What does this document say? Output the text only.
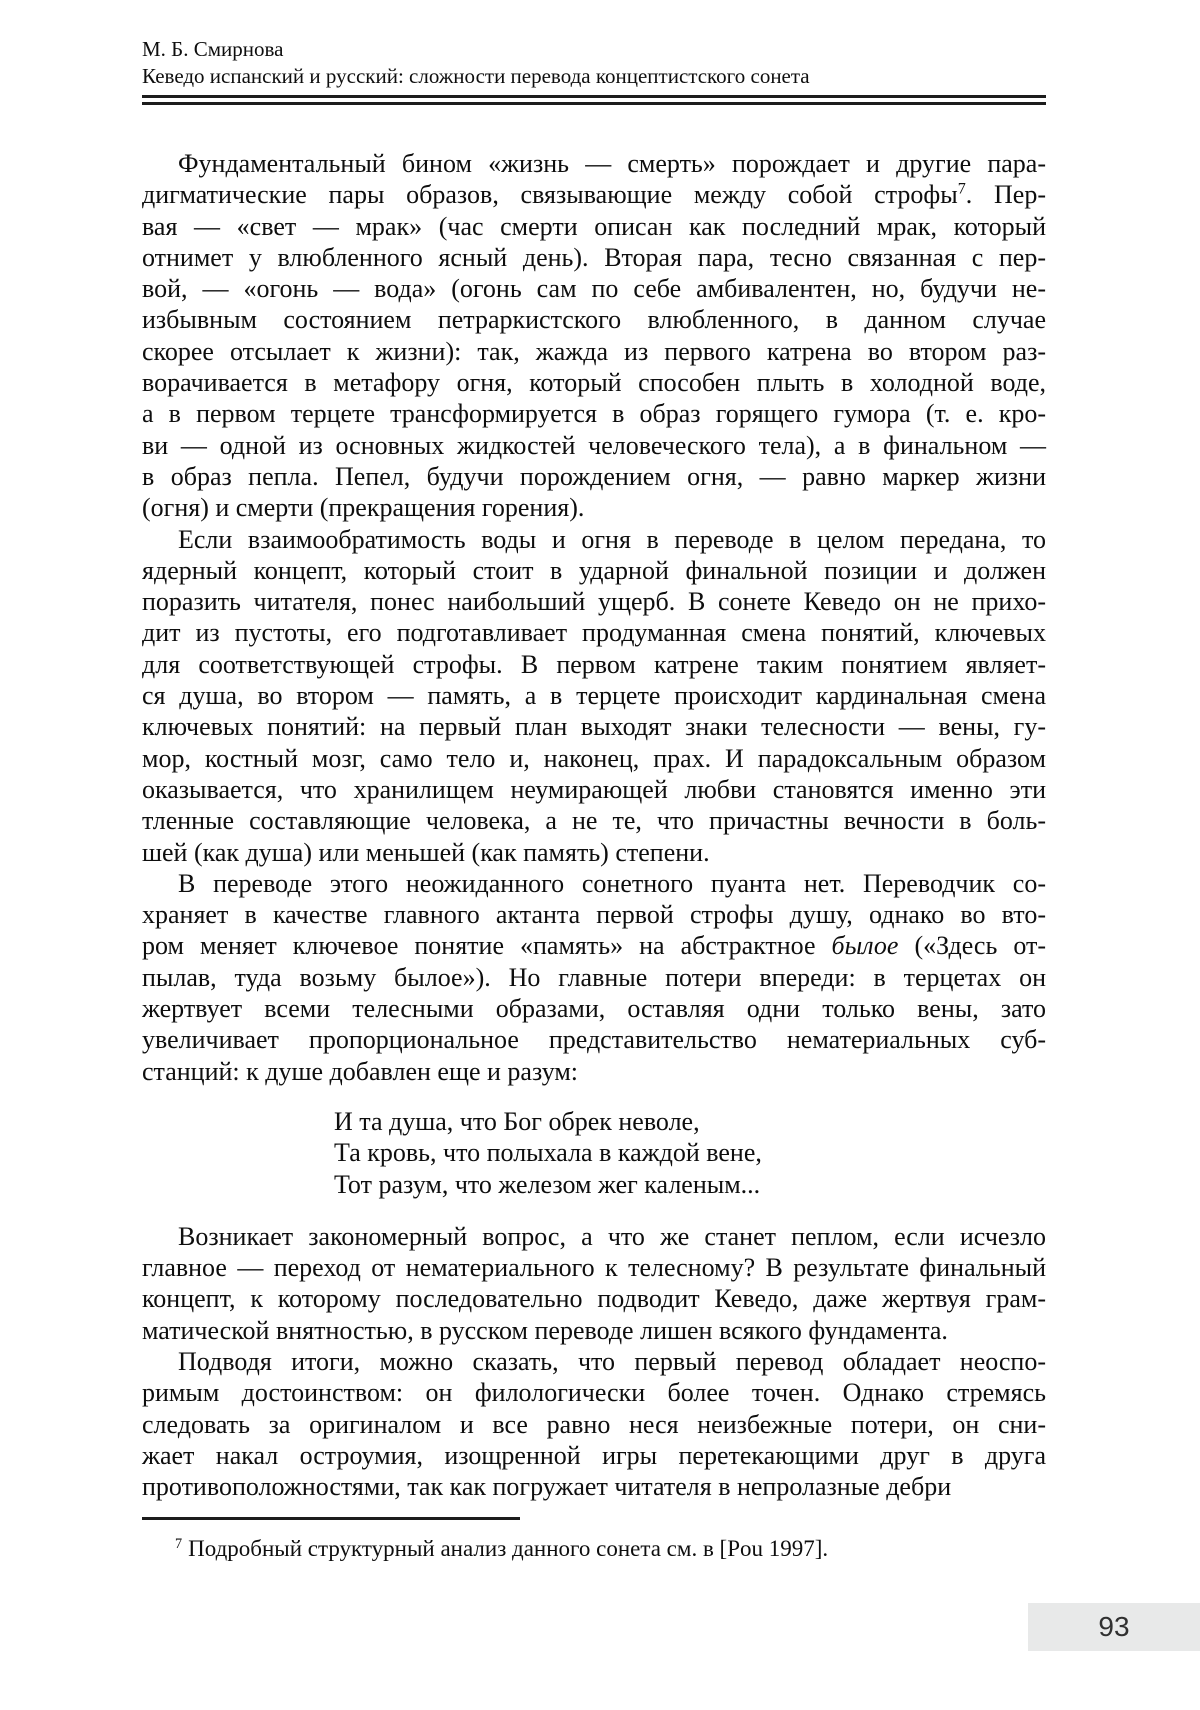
М. Б. Смирнова
Кеведо испанский и русский: сложности перевода концептистского сонета
Фундаментальный бином «жизнь — смерть» порождает и другие пара-
дигматические пары образов, связывающие между собой строфы$^7$. Пер-
вая — «свет — мрак» (час смерти описан как последний мрак, который
отнимет у влюбленного ясный день). Вторая пара, тесно связанная с пер-
вой, — «огонь — вода» (огонь сам по себе амбивалентен, но, будучи не-
избывным состоянием петраркистского влюбленного, в данном случае
скорее отсылает к жизни): так, жажда из первого катрена во втором раз-
ворачивается в метафору огня, который способен плыть в холодной воде,
а в первом терцете трансформируется в образ горящего гумора (т. е. кро-
ви — одной из основных жидкостей человеческого тела), а в финальном —
в образ пепла. Пепел, будучи порождением огня, — равно маркер жизни
(огня) и смерти (прекращения горения).
Если взаимообратимость воды и огня в переводе в целом передана, то
ядерный концепт, который стоит в ударной финальной позиции и должен
поразить читателя, понес наибольший ущерб. В сонете Кеведо он не прихо-
дит из пустоты, его подготавливает продуманная смена понятий, ключевых
для соответствующей строфы. В первом катрене таким понятием являет-
ся душа, во втором — память, а в терцете происходит кардинальная смена
ключевых понятий: на первый план выходят знаки телесности — вены, гу-
мор, костный мозг, само тело и, наконец, прах. И парадоксальным образом
оказывается, что хранилищем неумирающей любви становятся именно эти
тленные составляющие человека, а не те, что причастны вечности в боль-
шей (как душа) или меньшей (как память) степени.
В переводе этого неожиданного сонетного пуанта нет. Переводчик со-
храняет в качестве главного актанта первой строфы душу, однако во вто-
ром меняет ключевое понятие «память» на абстрактное былое («Здесь от-
пылав, туда возьму былое»). Но главные потери впереди: в терцетах он
жертвует всеми телесными образами, оставляя одни только вены, зато
увеличивает пропорциональное представительство нематериальных суб-
станций: к душе добавлен еще и разум:
И та душа, что Бог обрек неволе,
Та кровь, что полыхала в каждой вене,
Тот разум, что железом жег каленым...
Возникает закономерный вопрос, а что же станет пеплом, если исчезло
главное — переход от нематериального к телесному? В результате финальный
концепт, к которому последовательно подводит Кеведо, даже жертвуя грам-
матической внятностью, в русском переводе лишен всякого фундамента.
Подводя итоги, можно сказать, что первый перевод обладает неоспо-
римым достоинством: он филологически более точен. Однако стремясь
следовать за оригиналом и все равно неся неизбежные потери, он сни-
жает накал остроумия, изощренной игры перетекающими друг в друга
противоположностями, так как погружает читателя в непролазные дебри
$^7$ Подробный структурный анализ данного сонета см. в [Pou 1997].
93
